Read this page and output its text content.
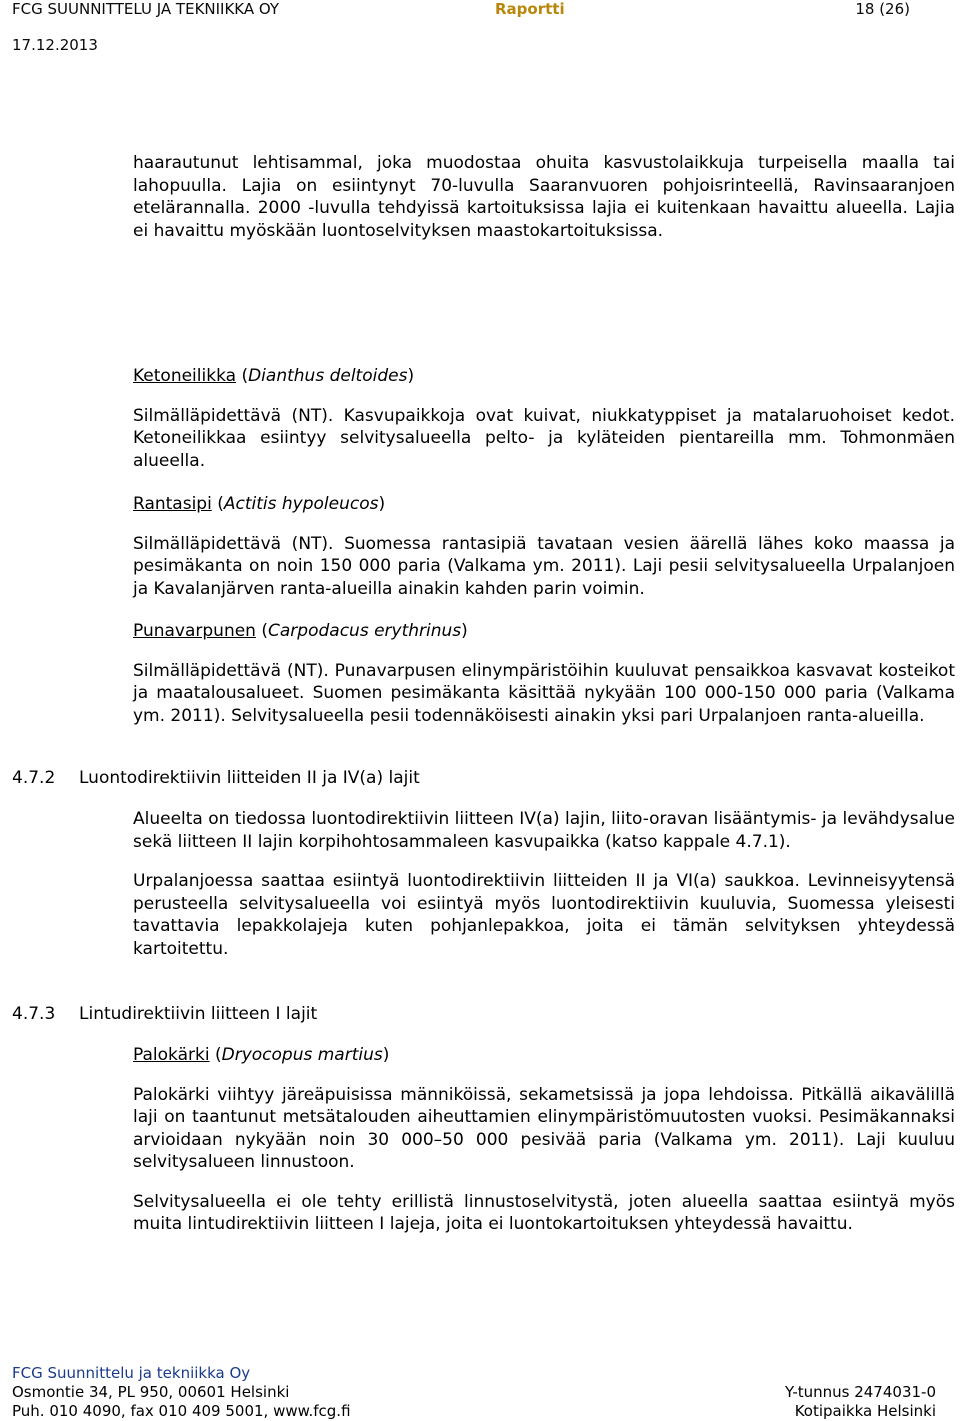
FCG SUUNNITTELU JA TEKNIIKKA OY	Raportti	18 (26)
17.12.2013

haarautunut lehtisammal, joka muodostaa ohuita kasvustolaikkuja turpeisella maalla tai lahopuulla. Lajia on esiintynyt 70-luvulla Saaranvuoren pohjoisrinteellä, Ravinsaaranjoen etelärannalla. 2000 -luvulla tehdyissä kartoituksissa lajia ei kuitenkaan havaittu alueella. Lajia ei havaittu myöskään luontoselvityksen maastokartoituksissa.

Ketoneilikka (Dianthus deltoides)

Silmälläpidettävä (NT). Kasvupaikkoja ovat kuivat, niukkatyppiset ja matalaruohoiset kedot. Ketoneilikkaa esiintyy selvitysalueella pelto- ja kyläteiden pientareilla mm. Tohmonmäen alueella.

Rantasipi (Actitis hypoleucos)

Silmälläpidettävä (NT). Suomessa rantasipiä tavataan vesien äärellä lähes koko maassa ja pesimäkanta on noin 150 000 paria (Valkama ym. 2011). Laji pesii selvitysalueella Urpalanjoen ja Kavalanjärven ranta-alueilla ainakin kahden parin voimin.

Punavarpunen (Carpodacus erythrinus)

Silmälläpidettävä (NT). Punavarpusen elinympäristöihin kuuluvat pensaikkoa kasvavat kosteikot ja maatalousalueet. Suomen pesimäkanta käsittää nykyään 100 000-150 000 paria (Valkama ym. 2011). Selvitysalueella pesii todennäköisesti ainakin yksi pari Urpalanjoen ranta-alueilla.

4.7.2 Luontodirektiivin liitteiden II ja IV(a) lajit

Alueelta on tiedossa luontodirektiivin liitteen IV(a) lajin, liito-oravan lisääntymis- ja levähdysalue sekä liitteen II lajin korpihohtosammaleen kasvupaikka (katso kappale 4.7.1).

Urpalanjoessa saattaa esiintyä luontodirektiivin liitteiden II ja VI(a) saukkoa. Levinneisyytensä perusteella selvitysalueella voi esiintyä myös luontodirektiivin kuuluvia, Suomessa yleisesti tavattavia lepakkolajeja kuten pohjanlepakkoa, joita ei tämän selvityksen yhteydessä kartoitettu.

4.7.3 Lintudirektiivin liitteen I lajit

Palokärki (Dryocopus martius)

Palokärki viihtyy järeäpuisissa männiköissä, sekametsissä ja jopa lehdoissa. Pitkällä aikavälillä laji on taantunut metsätalouden aiheuttamien elinympäristömuutosten vuoksi. Pesimäkannaksi arvioidaan nykyään noin 30 000–50 000 pesivää paria (Valkama ym. 2011). Laji kuuluu selvitysalueen linnustoon.

Selvitysalueella ei ole tehty erillistä linnustoselvitystä, joten alueella saattaa esiintyä myös muita lintudirektiivin liitteen I lajeja, joita ei luontokartoituksen yhteydessä havaittu.

FCG Suunnittelu ja tekniikka Oy
Osmontie 34, PL 950, 00601 Helsinki	Y-tunnus 2474031-0
Puh. 010 4090, fax 010 409 5001, www.fcg.fi	Kotipaikka Helsinki
